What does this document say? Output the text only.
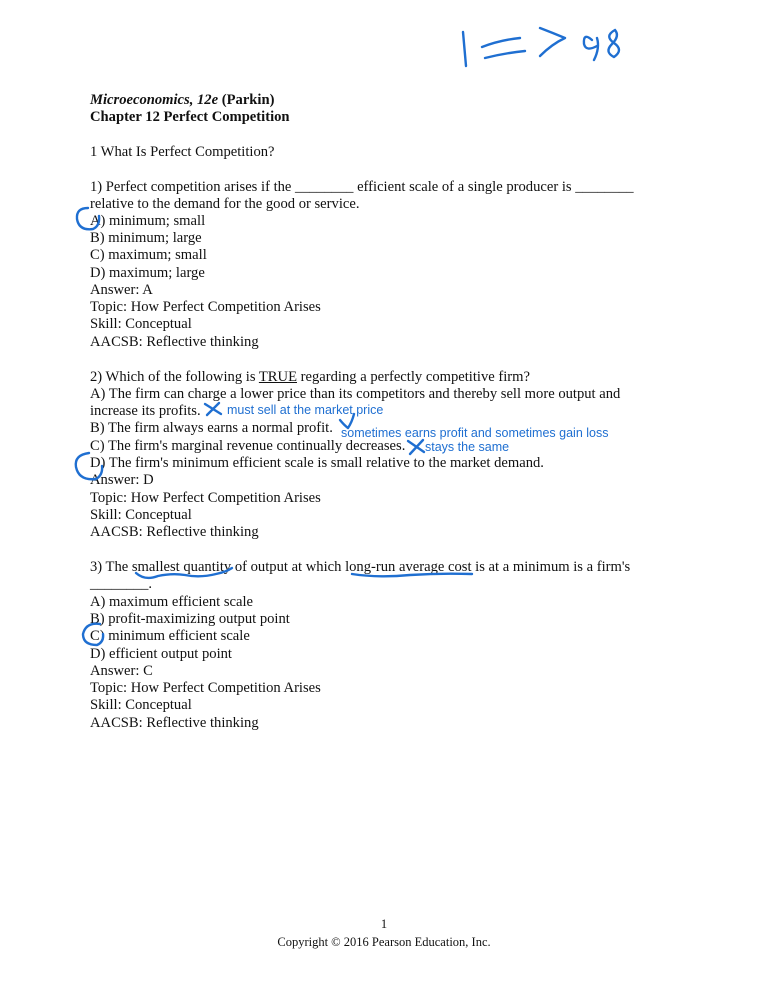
Microeconomics, 12e (Parkin)
Chapter 12 Perfect Competition
1 What Is Perfect Competition?
1) Perfect competition arises if the ________ efficient scale of a single producer is ________
relative to the demand for the good or service.
A) minimum; small
B) minimum; large
C) maximum; small
D) maximum; large
Answer: A
Topic: How Perfect Competition Arises
Skill: Conceptual
AACSB: Reflective thinking
2) Which of the following is TRUE regarding a perfectly competitive firm?
A) The firm can charge a lower price than its competitors and thereby sell more output and
increase its profits.
B) The firm always earns a normal profit.
C) The firm's marginal revenue continually decreases.
D) The firm's minimum efficient scale is small relative to the market demand.
Answer: D
Topic: How Perfect Competition Arises
Skill: Conceptual
AACSB: Reflective thinking
3) The smallest quantity of output at which long-run average cost is at a minimum is a firm's
________.
A) maximum efficient scale
B) profit-maximizing output point
C) minimum efficient scale
D) efficient output point
Answer: C
Topic: How Perfect Competition Arises
Skill: Conceptual
AACSB: Reflective thinking
must sell at the market price
sometimes earns profit and sometimes gain loss
stays the same
1
Copyright © 2016 Pearson Education, Inc.
